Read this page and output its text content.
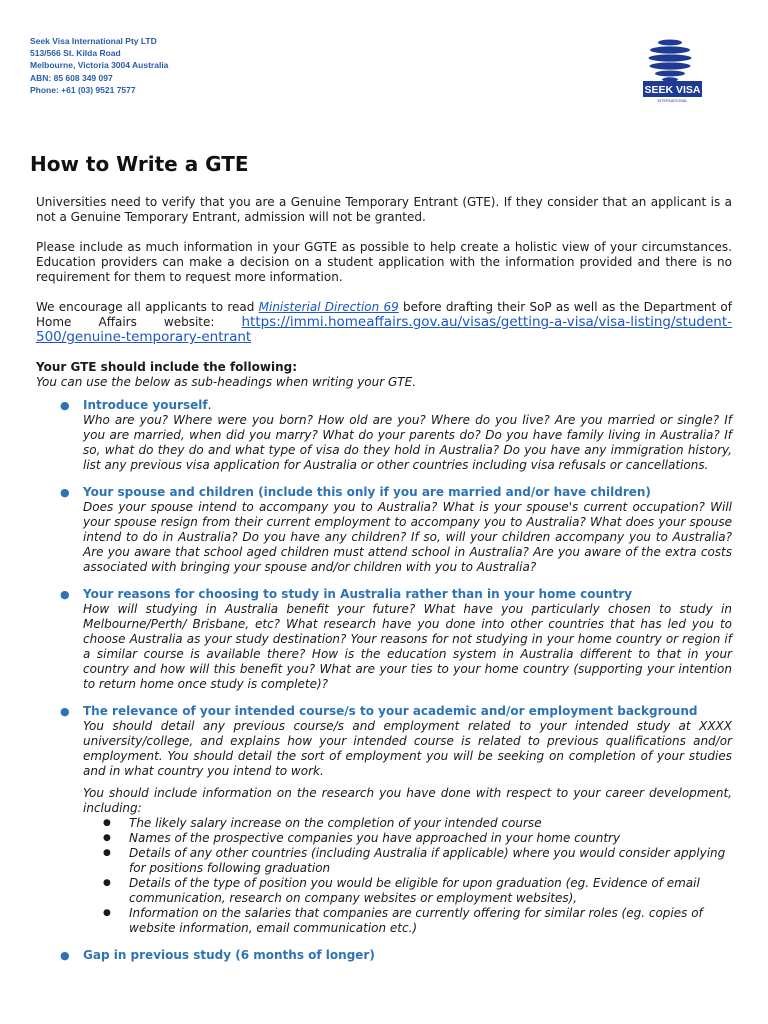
Seek Visa International Pty LTD
513/566 St. Kilda Road
Melbourne, Victoria 3004 Australia
ABN: 85 608 349 097
Phone: +61 (03) 9521 7577	SEEK VISA
INTERNATIONAL
How to Write a GTE

Universities need to verify that you are a Genuine Temporary Entrant (GTE). If they consider that an applicant is a not a Genuine Temporary Entrant, admission will not be granted.

Please include as much information in your GGTE as possible to help create a holistic view of your circumstances. Education providers can make a decision on a student application with the information provided and there is no requirement for them to request more information.

We encourage all applicants to read Ministerial Direction 69 before drafting their SoP as well as the Department of Home Affairs website: https://immi.homeaffairs.gov.au/visas/getting-a-visa/visa-listing/student-500/genuine-temporary-entrant

Your GTE should include the following:

You can use the below as sub-headings when writing your GTE.

● Introduce yourself.
Who are you? Where were you born? How old are you? Where do you live? Are you married or single? If you are married, when did you marry? What do your parents do? Do you have family living in Australia? If so, what do they do and what type of visa do they hold in Australia? Do you have any immigration history, list any previous visa application for Australia or other countries including visa refusals or cancellations.
● Your spouse and children (include this only if you are married and/or have children)
Does your spouse intend to accompany you to Australia? What is your spouse's current occupation? Will your spouse resign from their current employment to accompany you to Australia? What does your spouse intend to do in Australia? Do you have any children? If so, will your children accompany you to Australia? Are you aware that school aged children must attend school in Australia? Are you aware of the extra costs associated with bringing your spouse and/or children with you to Australia?
● Your reasons for choosing to study in Australia rather than in your home country
How will studying in Australia benefit your future? What have you particularly chosen to study in Melbourne/Perth/ Brisbane, etc? What research have you done into other countries that has led you to choose Australia as your study destination? Your reasons for not studying in your home country or region if a similar course is available there? How is the education system in Australia different to that in your country and how will this benefit you? What are your ties to your home country (supporting your intention to return home once study is complete)?
● The relevance of your intended course/s to your academic and/or employment background
You should detail any previous course/s and employment related to your intended study at XXXX university/college, and explains how your intended course is related to previous qualifications and/or employment. You should detail the sort of employment you will be seeking on completion of your studies and in what country you intend to work.
You should include information on the research you have done with respect to your career development, including:
● The likely salary increase on the completion of your intended course
● Names of the prospective companies you have approached in your home country
● Details of any other countries (including Australia if applicable) where you would consider applying for positions following graduation
● Details of the type of position you would be eligible for upon graduation (eg. Evidence of email communication, research on company websites or employment websites),
● Information on the salaries that companies are currently offering for similar roles (eg. copies of website information, email communication etc.)
● Gap in previous study (6 months of longer)
